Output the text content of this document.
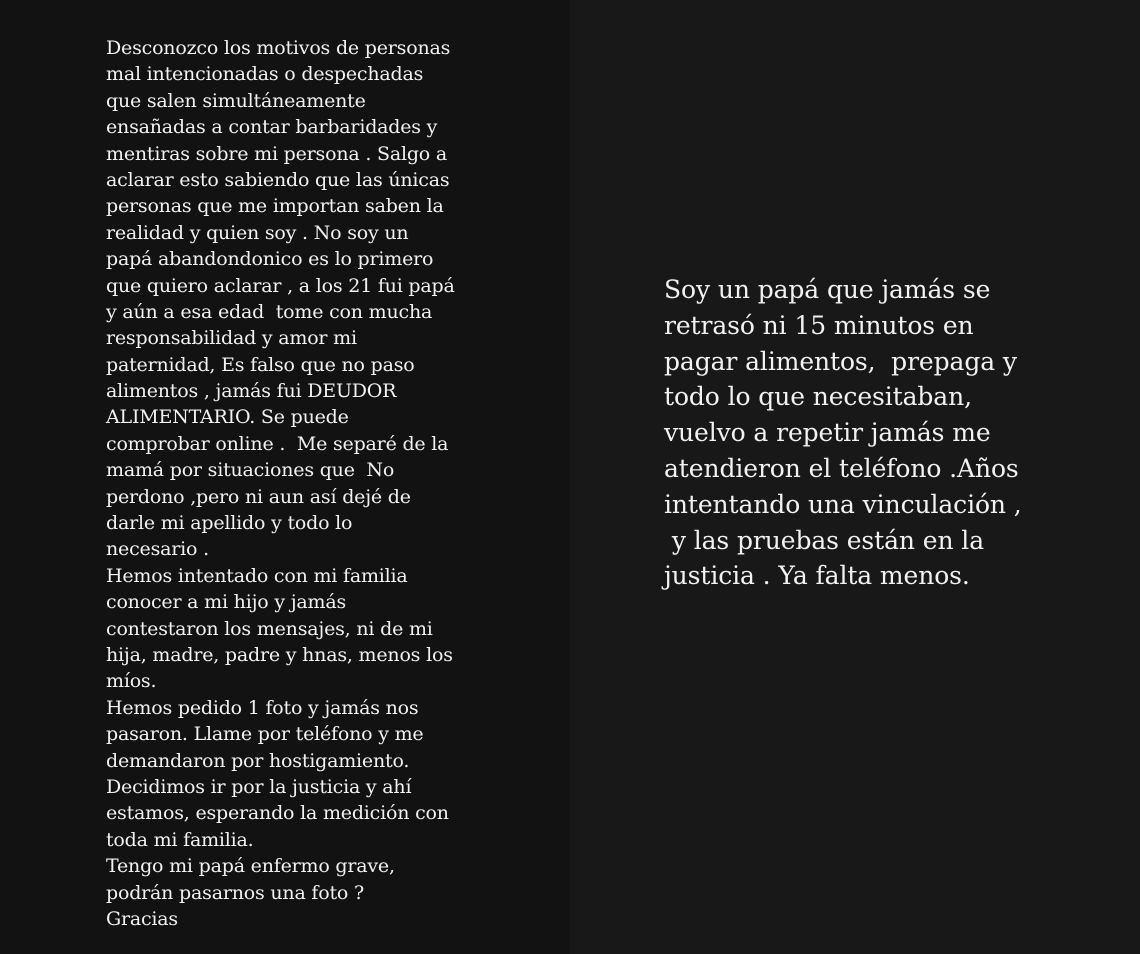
Desconozco los motivos de personas
mal intencionadas o despechadas
que salen simultáneamente
ensañadas a contar barbaridades y
mentiras sobre mi persona . Salgo a
aclarar esto sabiendo que las únicas
personas que me importan saben la
realidad y quien soy . No soy un
papá abandondonico es lo primero
que quiero aclarar , a los 21 fui papá
y aún a esa edad  tome con mucha
responsabilidad y amor mi
paternidad, Es falso que no paso
alimentos , jamás fui DEUDOR
ALIMENTARIO. Se puede
comprobar online .  Me separé de la
mamá por situaciones que  No
perdono ,pero ni aun así dejé de
darle mi apellido y todo lo
necesario .
Hemos intentado con mi familia
conocer a mi hijo y jamás
contestaron los mensajes, ni de mi
hija, madre, padre y hnas, menos los
míos.
Hemos pedido 1 foto y jamás nos
pasaron. Llame por teléfono y me
demandaron por hostigamiento.
Decidimos ir por la justicia y ahí
estamos, esperando la medición con
toda mi familia.
Tengo mi papá enfermo grave,
podrán pasarnos una foto ?
Gracias
Soy un papá que jamás se
retrasó ni 15 minutos en
pagar alimentos,  prepaga y
todo lo que necesitaban,
vuelvo a repetir jamás me
atendieron el teléfono .Años
intentando una vinculación ,
y las pruebas están en la
justicia . Ya falta menos.
